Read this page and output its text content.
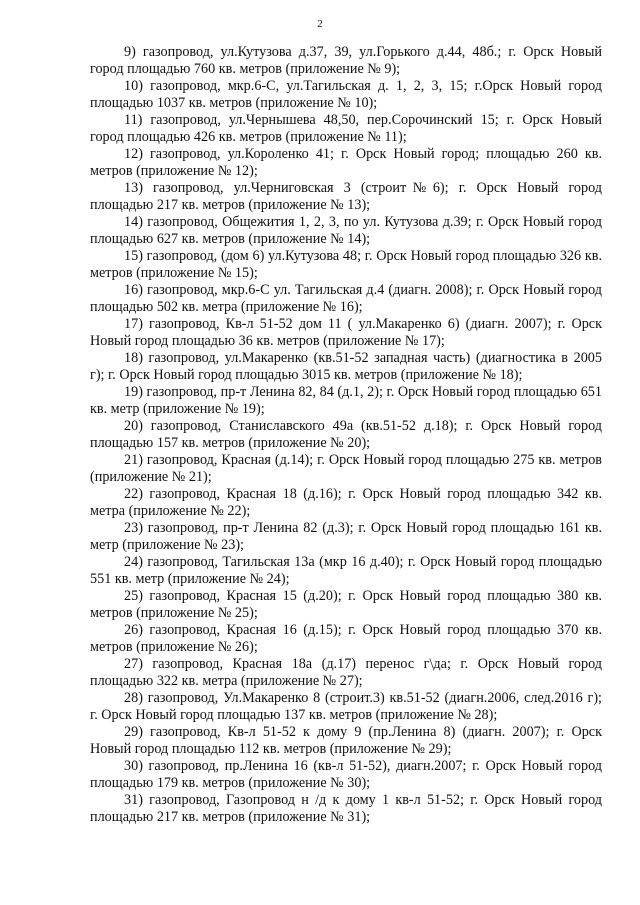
2

9) газопровод, ул.Кутузова д.37, 39, ул.Горького д.44, 48б.; г. Орск Новый город площадью 760 кв. метров (приложение № 9);

10) газопровод, мкр.6-С, ул.Тагильская д. 1, 2, 3, 15; г.Орск Новый город площадью 1037 кв. метров (приложение № 10);

11) газопровод, ул.Чернышева 48,50, пер.Сорочинский 15; г. Орск Новый город площадью 426 кв. метров (приложение № 11);

12) газопровод, ул.Короленко 41; г. Орск Новый город; площадью 260 кв. метров (приложение № 12);

13) газопровод, ул.Черниговская 3 (строит№6); г. Орск Новый город площадью 217 кв. метров (приложение № 13);

14) газопровод, Общежития 1, 2, 3, по ул. Кутузова д.39; г. Орск Новый город площадью 627 кв. метров (приложение № 14);

15) газопровод, (дом 6) ул.Кутузова 48; г. Орск Новый город площадью 326 кв. метров (приложение № 15);

16) газопровод, мкр.6-С ул. Тагильская д.4 (диагн. 2008); г. Орск Новый город площадью 502 кв. метра (приложение № 16);

17) газопровод, Кв-л 51-52 дом 11 ( ул.Макаренко 6) (диагн. 2007); г. Орск Новый город площадью 36 кв. метров (приложение № 17);

18) газопровод, ул.Макаренко (кв.51-52 западная часть) (диагностика в 2005 г); г. Орск Новый город площадью 3015 кв. метров (приложение № 18);

19) газопровод, пр-т Ленина 82, 84 (д.1, 2); г. Орск Новый город площадью 651 кв. метр (приложение № 19);

20) газопровод, Станиславского 49а (кв.51-52 д.18); г. Орск Новый город площадью 157 кв. метров (приложение № 20);

21) газопровод, Красная (д.14); г. Орск Новый город площадью 275 кв. метров (приложение № 21);

22) газопровод, Красная 18 (д.16); г. Орск Новый город площадью 342 кв. метра (приложение № 22);

23) газопровод, пр-т Ленина 82 (д.3); г. Орск Новый город площадью 161 кв. метр (приложение № 23);

24) газопровод, Тагильская 13а (мкр 16 д.40); г. Орск Новый город площадью 551 кв. метр (приложение № 24);

25) газопровод, Красная 15 (д.20); г. Орск Новый город площадью 380 кв. метров (приложение № 25);

26) газопровод, Красная 16 (д.15); г. Орск Новый город площадью 370 кв. метров (приложение № 26);

27) газопровод, Красная 18а (д.17) перенос г\да; г. Орск Новый город площадью 322 кв. метра (приложение № 27);

28) газопровод, Ул.Макаренко 8 (строит.3) кв.51-52 (диагн.2006, след.2016 г); г. Орск Новый город площадью 137 кв. метров (приложение № 28);

29) газопровод, Кв-л 51-52 к дому 9 (пр.Ленина 8) (диагн. 2007); г. Орск Новый город площадью 112 кв. метров (приложение № 29);

30) газопровод, пр.Ленина 16 (кв-л 51-52), диагн.2007; г. Орск Новый город площадью 179 кв. метров (приложение № 30);

31) газопровод, Газопровод н /д к дому 1 кв-л 51-52; г. Орск Новый город площадью 217 кв. метров (приложение № 31);
